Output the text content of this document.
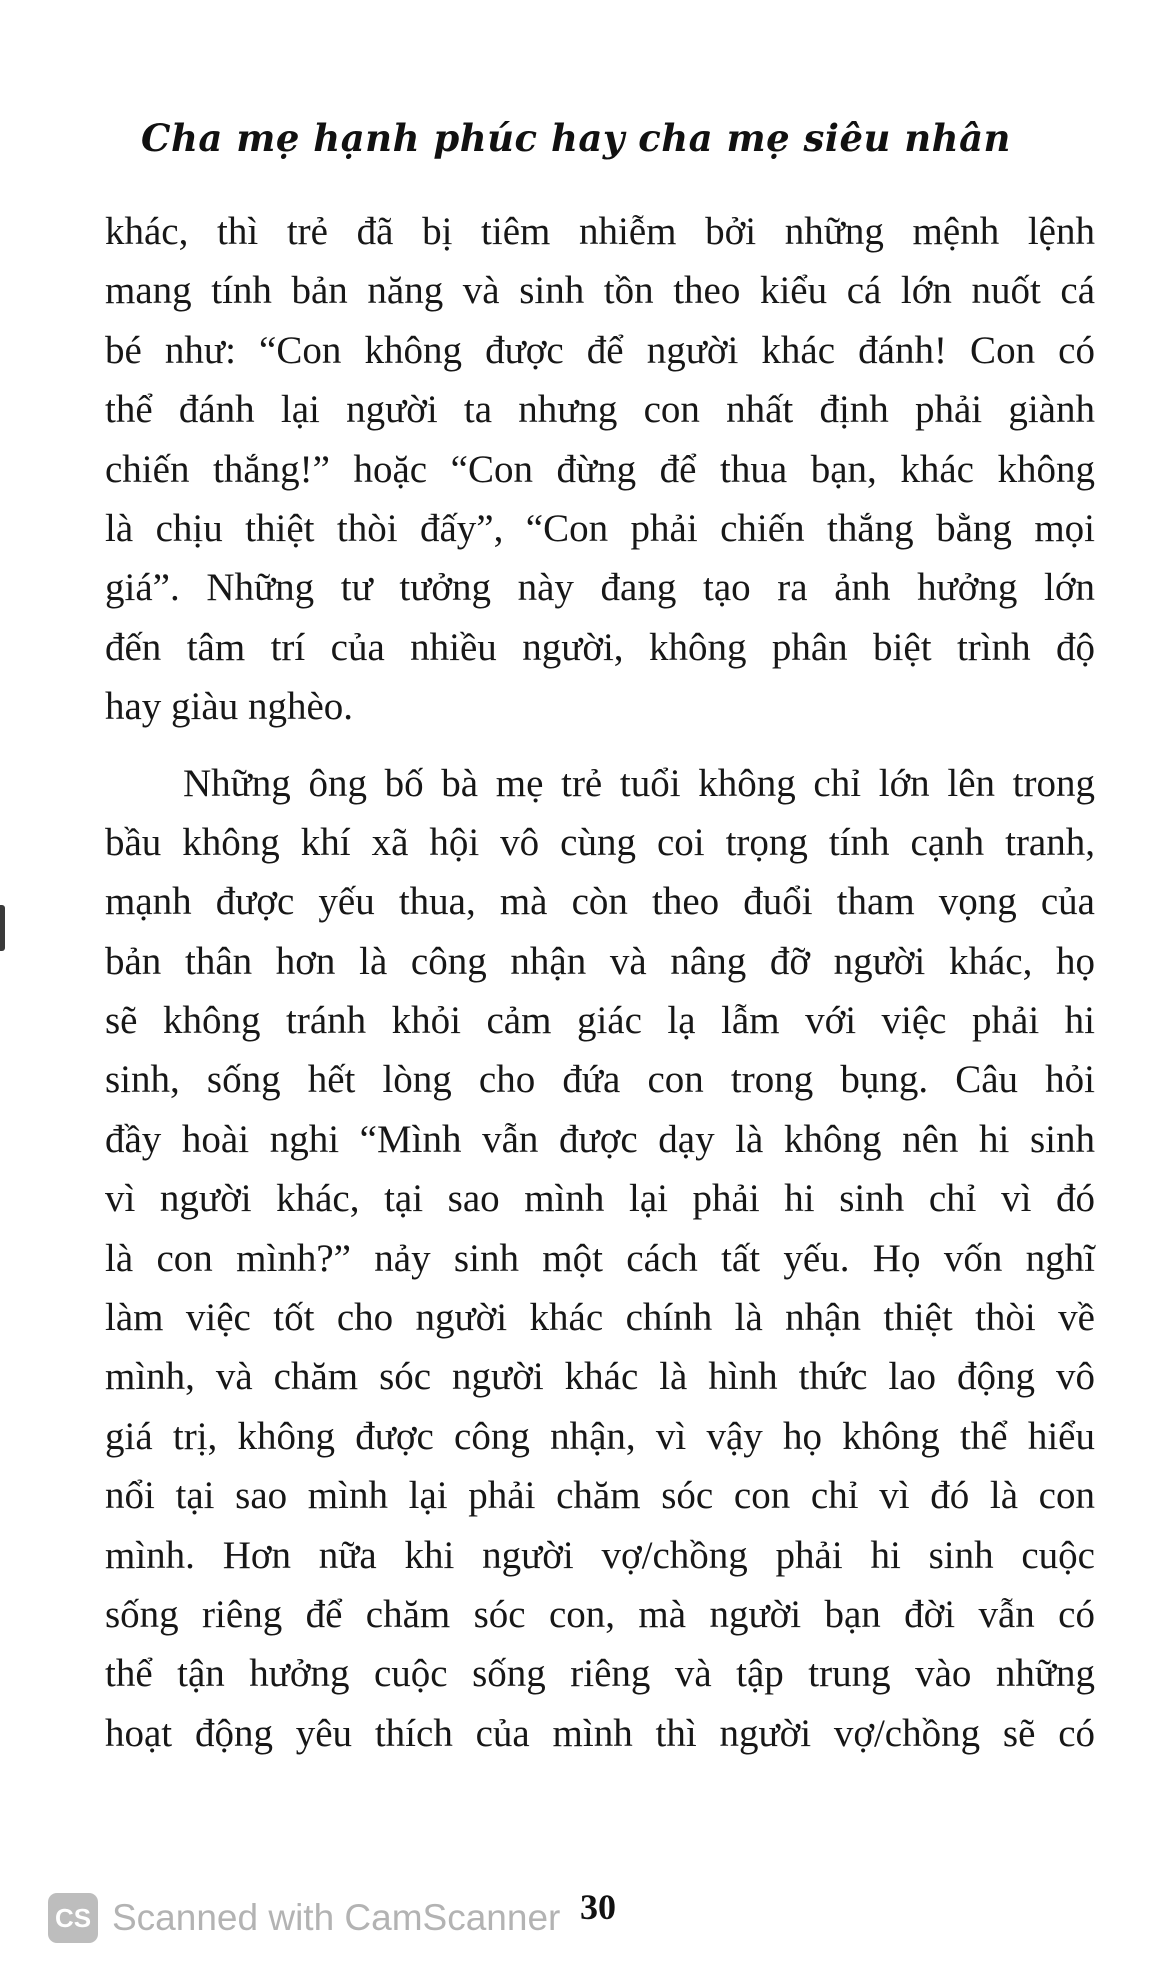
Cha mẹ hạnh phúc hay cha mẹ siêu nhân
khác, thì trẻ đã bị tiêm nhiễm bởi những mệnh lệnh
mang tính bản năng và sinh tồn theo kiểu cá lớn nuốt cá
bé như: “Con không được để người khác đánh! Con có
thể đánh lại người ta nhưng con nhất định phải giành
chiến thắng!” hoặc “Con đừng để thua bạn, khác không
là chịu thiệt thòi đấy”, “Con phải chiến thắng bằng mọi
giá”. Những tư tưởng này đang tạo ra ảnh hưởng lớn
đến tâm trí của nhiều người, không phân biệt trình độ
hay giàu nghèo.
Những ông bố bà mẹ trẻ tuổi không chỉ lớn lên trong
bầu không khí xã hội vô cùng coi trọng tính cạnh tranh,
mạnh được yếu thua, mà còn theo đuổi tham vọng của
bản thân hơn là công nhận và nâng đỡ người khác, họ
sẽ không tránh khỏi cảm giác lạ lẫm với việc phải hi
sinh, sống hết lòng cho đứa con trong bụng. Câu hỏi
đầy hoài nghi “Mình vẫn được dạy là không nên hi sinh
vì người khác, tại sao mình lại phải hi sinh chỉ vì đó
là con mình?” nảy sinh một cách tất yếu. Họ vốn nghĩ
làm việc tốt cho người khác chính là nhận thiệt thòi về
mình, và chăm sóc người khác là hình thức lao động vô
giá trị, không được công nhận, vì vậy họ không thể hiểu
nổi tại sao mình lại phải chăm sóc con chỉ vì đó là con
mình. Hơn nữa khi người vợ/chồng phải hi sinh cuộc
sống riêng để chăm sóc con, mà người bạn đời vẫn có
thể tận hưởng cuộc sống riêng và tập trung vào những
hoạt động yêu thích của mình thì người vợ/chồng sẽ có
CS Scanned with CamScanner 30
